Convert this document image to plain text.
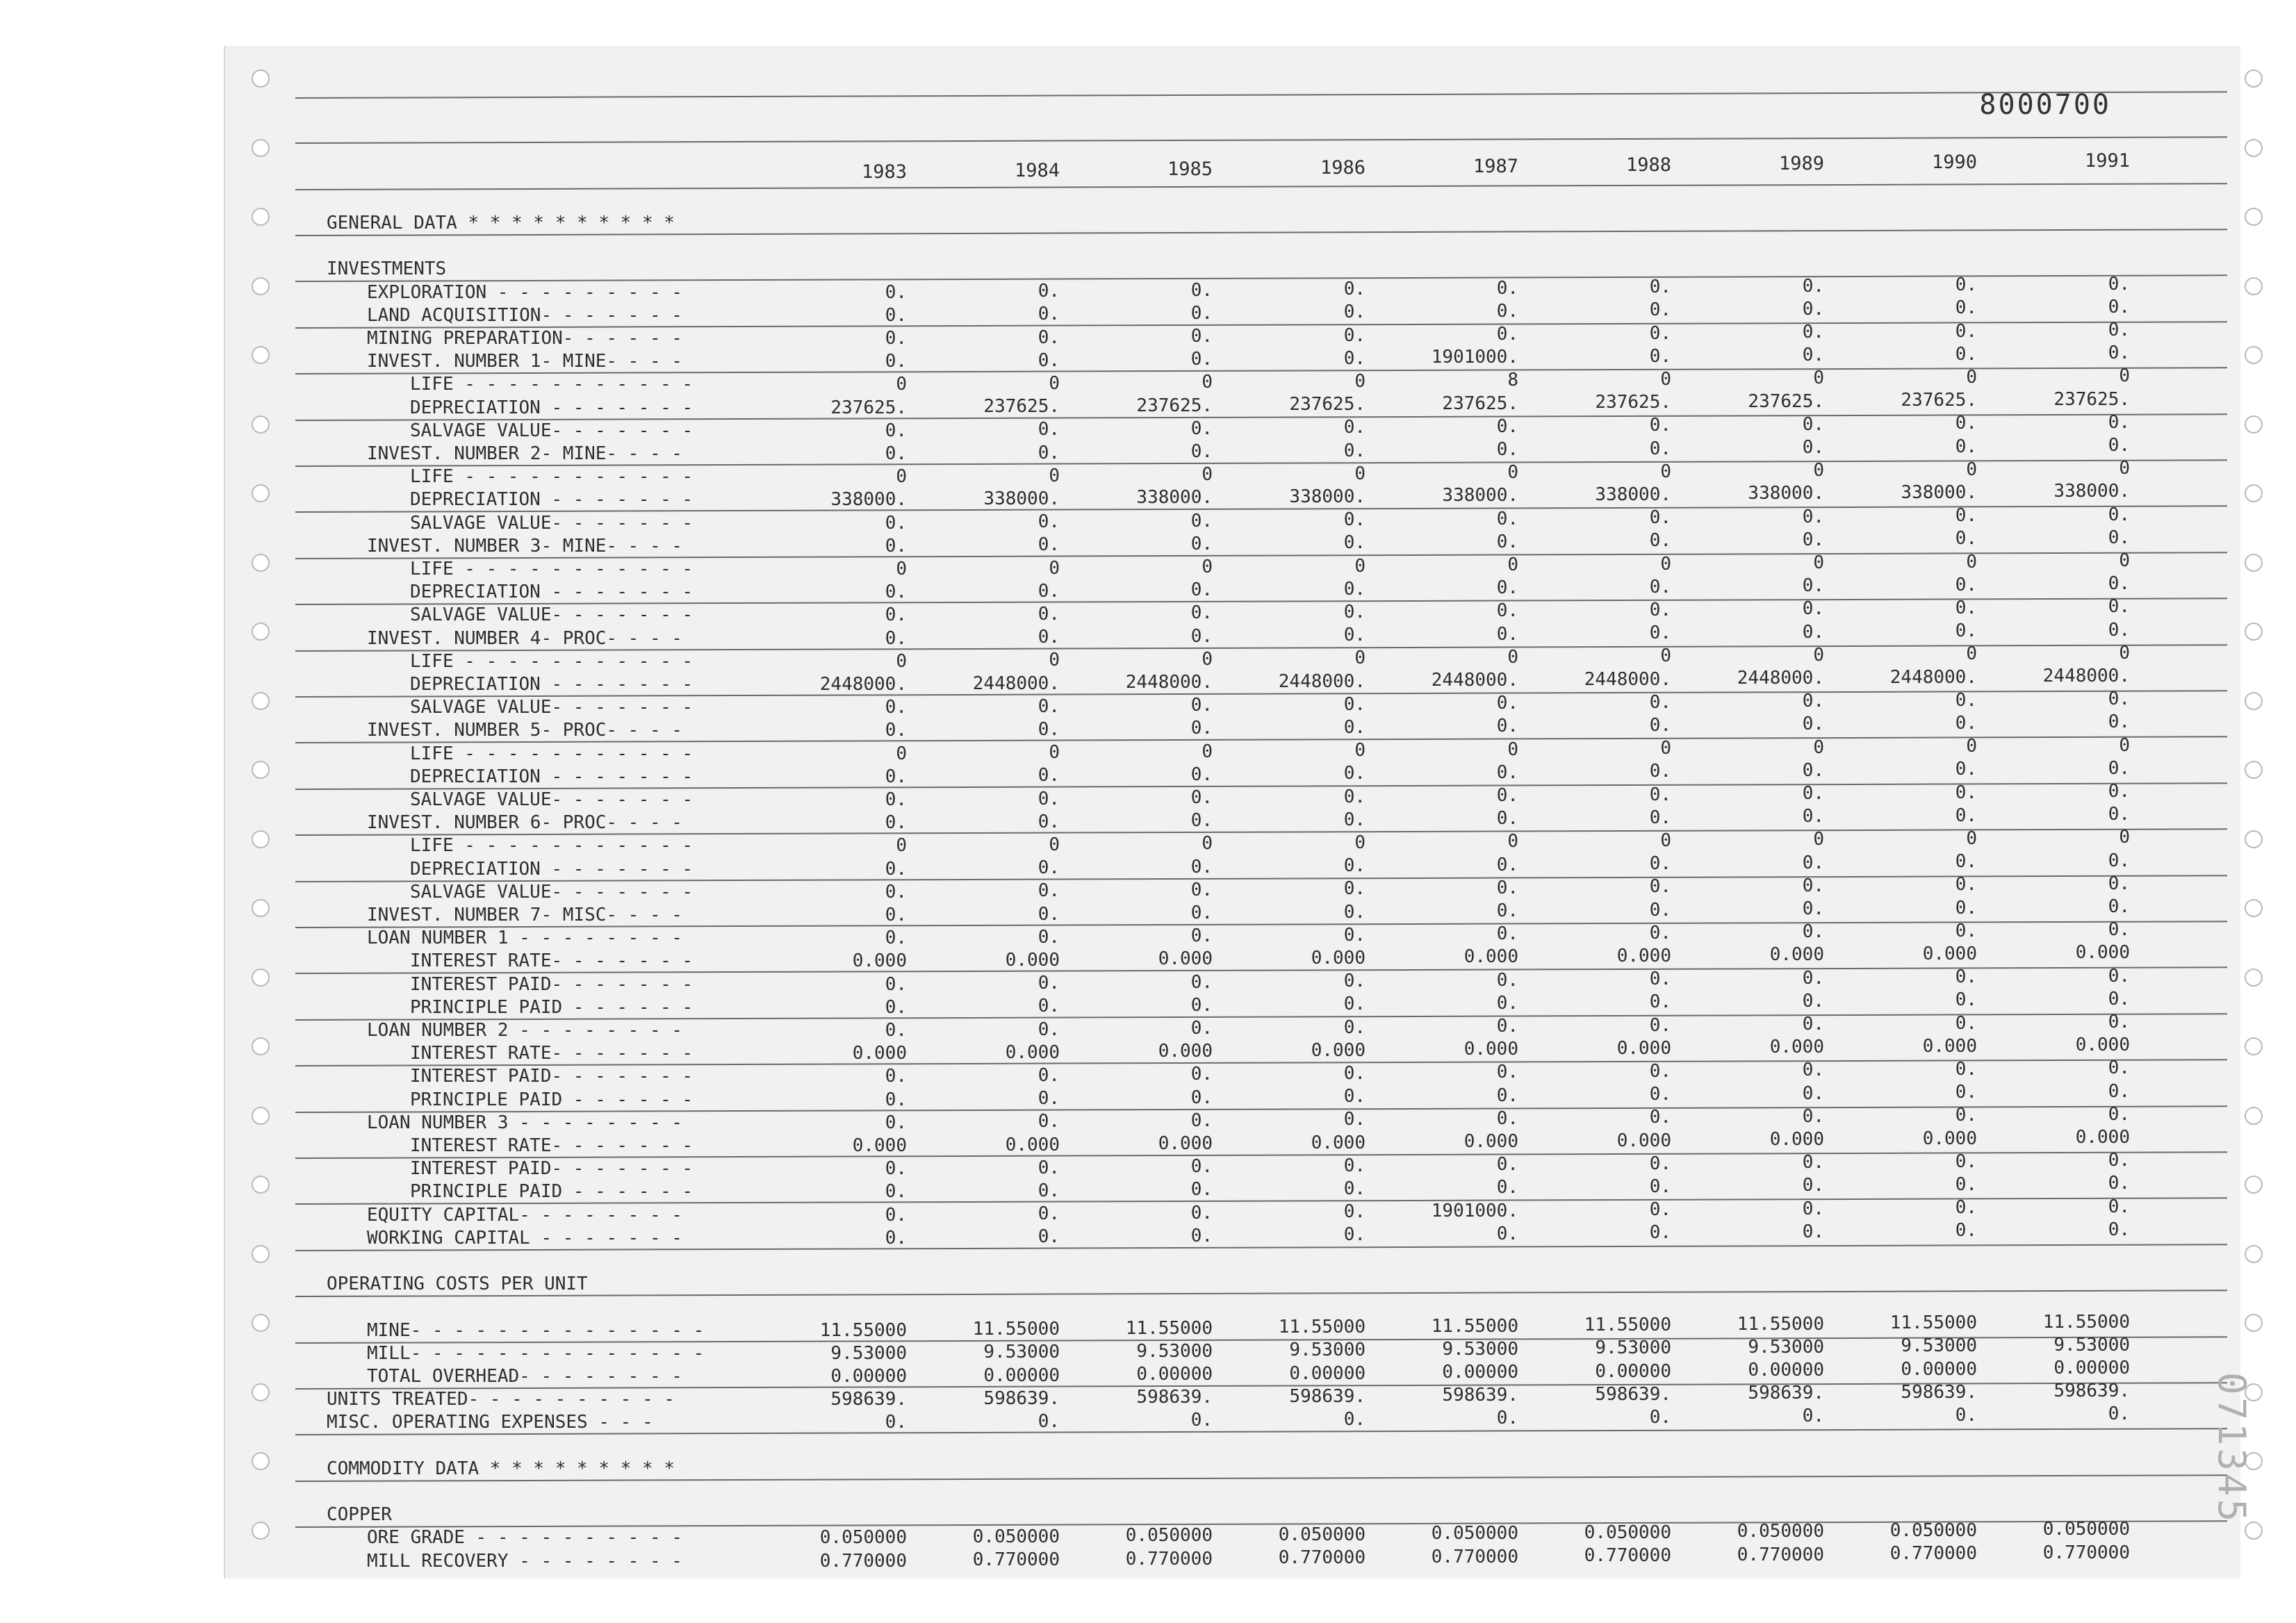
8000700
071345
1983	1984	1985	1986	1987	1988	1989	1990	1991
GENERAL DATA * * * * * * * * * *
INVESTMENTS
EXPLORATION - - - - - - - - -	0.	0.	0.	0.	0.	0.	0.	0.	0.
LAND ACQUISITION- - - - - - -	0.	0.	0.	0.	0.	0.	0.	0.	0.
MINING PREPARATION- - - - - -	0.	0.	0.	0.	0.	0.	0.	0.	0.
INVEST. NUMBER 1- MINE- - - -	0.	0.	0.	0.	1901000.	0.	0.	0.	0.
LIFE - - - - - - - - - - -	0	0	0	0	8	0	0	0	0
DEPRECIATION - - - - - - -	237625.	237625.	237625.	237625.	237625.	237625.	237625.	237625.	237625.
SALVAGE VALUE- - - - - - -	0.	0.	0.	0.	0.	0.	0.	0.	0.
INVEST. NUMBER 2- MINE- - - -	0.	0.	0.	0.	0.	0.	0.	0.	0.
LIFE - - - - - - - - - - -	0	0	0	0	0	0	0	0	0
DEPRECIATION - - - - - - -	338000.	338000.	338000.	338000.	338000.	338000.	338000.	338000.	338000.
SALVAGE VALUE- - - - - - -	0.	0.	0.	0.	0.	0.	0.	0.	0.
INVEST. NUMBER 3- MINE- - - -	0.	0.	0.	0.	0.	0.	0.	0.	0.
LIFE - - - - - - - - - - -	0	0	0	0	0	0	0	0	0
DEPRECIATION - - - - - - -	0.	0.	0.	0.	0.	0.	0.	0.	0.
SALVAGE VALUE- - - - - - -	0.	0.	0.	0.	0.	0.	0.	0.	0.
INVEST. NUMBER 4- PROC- - - -	0.	0.	0.	0.	0.	0.	0.	0.	0.
LIFE - - - - - - - - - - -	0	0	0	0	0	0	0	0	0
DEPRECIATION - - - - - - -	2448000.	2448000.	2448000.	2448000.	2448000.	2448000.	2448000.	2448000.	2448000.
SALVAGE VALUE- - - - - - -	0.	0.	0.	0.	0.	0.	0.	0.	0.
INVEST. NUMBER 5- PROC- - - -	0.	0.	0.	0.	0.	0.	0.	0.	0.
LIFE - - - - - - - - - - -	0	0	0	0	0	0	0	0	0
DEPRECIATION - - - - - - -	0.	0.	0.	0.	0.	0.	0.	0.	0.
SALVAGE VALUE- - - - - - -	0.	0.	0.	0.	0.	0.	0.	0.	0.
INVEST. NUMBER 6- PROC- - - -	0.	0.	0.	0.	0.	0.	0.	0.	0.
LIFE - - - - - - - - - - -	0	0	0	0	0	0	0	0	0
DEPRECIATION - - - - - - -	0.	0.	0.	0.	0.	0.	0.	0.	0.
SALVAGE VALUE- - - - - - -	0.	0.	0.	0.	0.	0.	0.	0.	0.
INVEST. NUMBER 7- MISC- - - -	0.	0.	0.	0.	0.	0.	0.	0.	0.
LOAN NUMBER 1 - - - - - - - -	0.	0.	0.	0.	0.	0.	0.	0.	0.
INTEREST RATE- - - - - - -	0.000	0.000	0.000	0.000	0.000	0.000	0.000	0.000	0.000
INTEREST PAID- - - - - - -	0.	0.	0.	0.	0.	0.	0.	0.	0.
PRINCIPLE PAID - - - - - -	0.	0.	0.	0.	0.	0.	0.	0.	0.
LOAN NUMBER 2 - - - - - - - -	0.	0.	0.	0.	0.	0.	0.	0.	0.
INTEREST RATE- - - - - - -	0.000	0.000	0.000	0.000	0.000	0.000	0.000	0.000	0.000
INTEREST PAID- - - - - - -	0.	0.	0.	0.	0.	0.	0.	0.	0.
PRINCIPLE PAID - - - - - -	0.	0.	0.	0.	0.	0.	0.	0.	0.
LOAN NUMBER 3 - - - - - - - -	0.	0.	0.	0.	0.	0.	0.	0.	0.
INTEREST RATE- - - - - - -	0.000	0.000	0.000	0.000	0.000	0.000	0.000	0.000	0.000
INTEREST PAID- - - - - - -	0.	0.	0.	0.	0.	0.	0.	0.	0.
PRINCIPLE PAID - - - - - -	0.	0.	0.	0.	0.	0.	0.	0.	0.
EQUITY CAPITAL- - - - - - - -	0.	0.	0.	0.	1901000.	0.	0.	0.	0.
WORKING CAPITAL - - - - - - -	0.	0.	0.	0.	0.	0.	0.	0.	0.
OPERATING COSTS PER UNIT
MINE- - - - - - - - - - - - - -	11.55000	11.55000	11.55000	11.55000	11.55000	11.55000	11.55000	11.55000	11.55000
MILL- - - - - - - - - - - - - -	9.53000	9.53000	9.53000	9.53000	9.53000	9.53000	9.53000	9.53000	9.53000
TOTAL OVERHEAD- - - - - - - -	0.00000	0.00000	0.00000	0.00000	0.00000	0.00000	0.00000	0.00000	0.00000
UNITS TREATED- - - - - - - - - -	598639.	598639.	598639.	598639.	598639.	598639.	598639.	598639.	598639.
MISC. OPERATING EXPENSES - - -	0.	0.	0.	0.	0.	0.	0.	0.	0.
COMMODITY DATA * * * * * * * * *
COPPER
ORE GRADE - - - - - - - - - -	0.050000	0.050000	0.050000	0.050000	0.050000	0.050000	0.050000	0.050000	0.050000
MILL RECOVERY - - - - - - - -	0.770000	0.770000	0.770000	0.770000	0.770000	0.770000	0.770000	0.770000	0.770000
